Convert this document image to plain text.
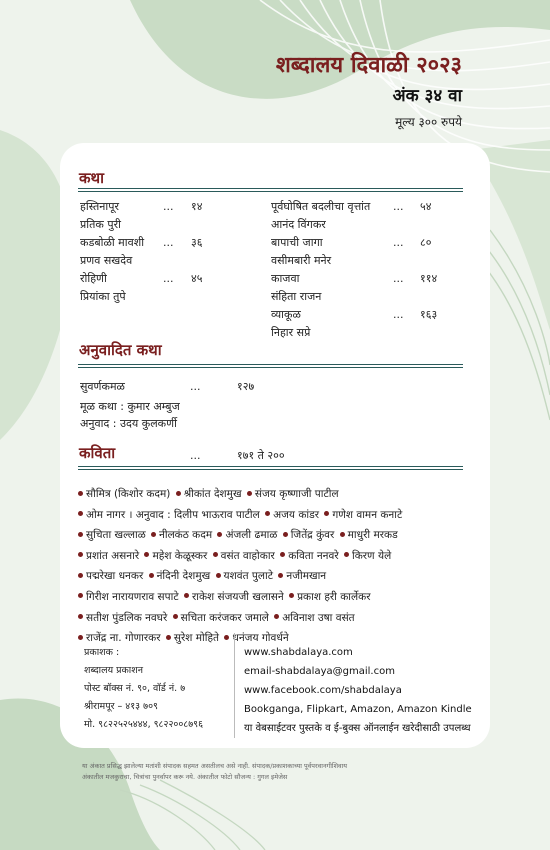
शब्दालय दिवाळी २०२३
अंक ३४ वा
मूल्य ३०० रुपये
कथा
हस्तिनापूर	... १४
प्रतिक पुरी
कडबोळी मावशी ... ३६
प्रणव सखदेव
रोहिणी	... ४५
प्रियांका तुपे
पूर्वघोषित बदलीचा वृत्तांत ... ५४
आनंद विंगकर
बापाची जागा	... ८०
वसीमबारी मनेर
काजवा	... ११४
संहिता राजन
व्याकूळ	... १६३
निहार सप्रे
अनुवादित कथा
सुवर्णकमळ	...	१२७
मूळ कथा : कुमार अम्बुज
अनुवाद : उदय कुलकर्णी
कविता	...	१७१ ते २००
सौमित्र (किशोर कदम) श्रीकांत देशमुख संजय कृष्णाजी पाटील
ओम नागर । अनुवाद : दिलीप भाऊराव पाटील अजय कांडर गणेश वामन कनाटे
सुचिता खल्लाळ नीलकंठ कदम अंजली ढमाळ जितेंद्र कुंवर माधुरी मरकड
प्रशांत असनारे महेश केळूस्कर वसंत वाहोकार कविता ननवरे किरण येले
पद्मरेखा धनकर नंदिनी देशमुख यशवंत पुलाटे नजीमखान
गिरीश नारायणराव सपाटे राकेश संजयजी खलासने प्रकाश हरी कार्लेकर
सतीश पुंडलिक नवघरे सचिता करंजकर जमाले अविनाश उषा वसंत
राजेंद्र ना. गोणारकर सुरेश मोहिते धनंजय गोवर्धने
प्रकाशक :
शब्दालय प्रकाशन
पोस्ट बॉक्स नं. ९०, वॉर्ड नं. ७
श्रीरामपूर – ४१३ ७०९
मो. ९८२२५२५४४४, ९८२२००८७९६
www.shabdalaya.com
email-shabdalaya@gmail.com
www.facebook.com/shabdalaya
Bookganga, Flipkart, Amazon, Amazon Kindle
या वेबसाईटवर पुस्तके व ई-बुक्स ऑनलाईन खरेदीसाठी उपलब्ध
या अंकात प्रसिद्ध झालेल्या मतांशी संपादक सहमत असतीलच असे नाही. संपादक/प्रकाशकाच्या पूर्वपरवानगीशिवाय
अंकातील मजकुराचा, चित्रांचा पुनर्वापर करू नये. अंकातील फोटो सौजन्य : गुगल इमेजेस
